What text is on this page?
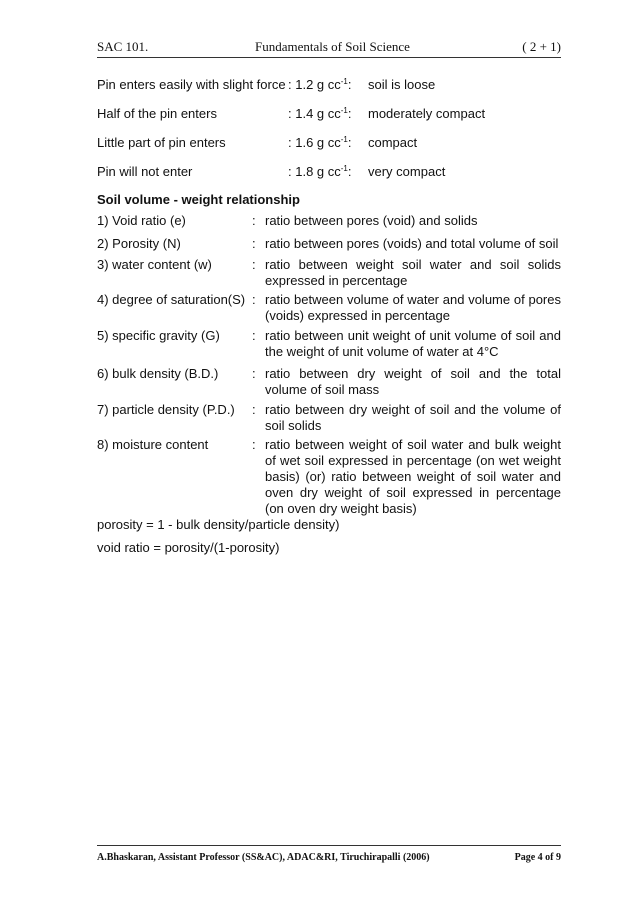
SAC 101.	Fundamentals of Soil Science	( 2 + 1)
Pin enters easily with slight force : 1.2 g $cc^{-1}$: soil is loose
Half of the pin enters	: 1.4 g $cc^{-1}$: moderately compact
Little part of pin enters	: 1.6 g $cc^{-1}$: compact
Pin will not enter	: 1.8 g $cc^{-1}$: very compact
Soil volume - weight relationship
1) Void ratio (e)	: ratio between pores (void) and solids
2) Porosity (N)	: ratio between pores (voids) and total volume of soil
3) water content (w)	: ratio between weight soil water and soil solids expressed in percentage
4) degree of saturation(S) : ratio between volume of water and volume of pores (voids) expressed in percentage
5) specific gravity (G) : ratio between unit weight of unit volume of soil and the weight of unit volume of water at 4°C
6) bulk density (B.D.)	: ratio between dry weight of soil and the total volume of soil mass
7) particle density (P.D.) : ratio between dry weight of soil and the volume of soil solids
8) moisture content	: ratio between weight of soil water and bulk weight of wet soil expressed in percentage (on wet weight basis) (or) ratio between weight of soil water and oven dry weight of soil expressed in percentage (on oven dry weight basis)
porosity = 1 - bulk density/particle density)
void ratio = porosity/(1-porosity)
A.Bhaskaran, Assistant Professor (SS&AC), ADAC&RI, Tiruchirapalli (2006)	Page 4 of 9
